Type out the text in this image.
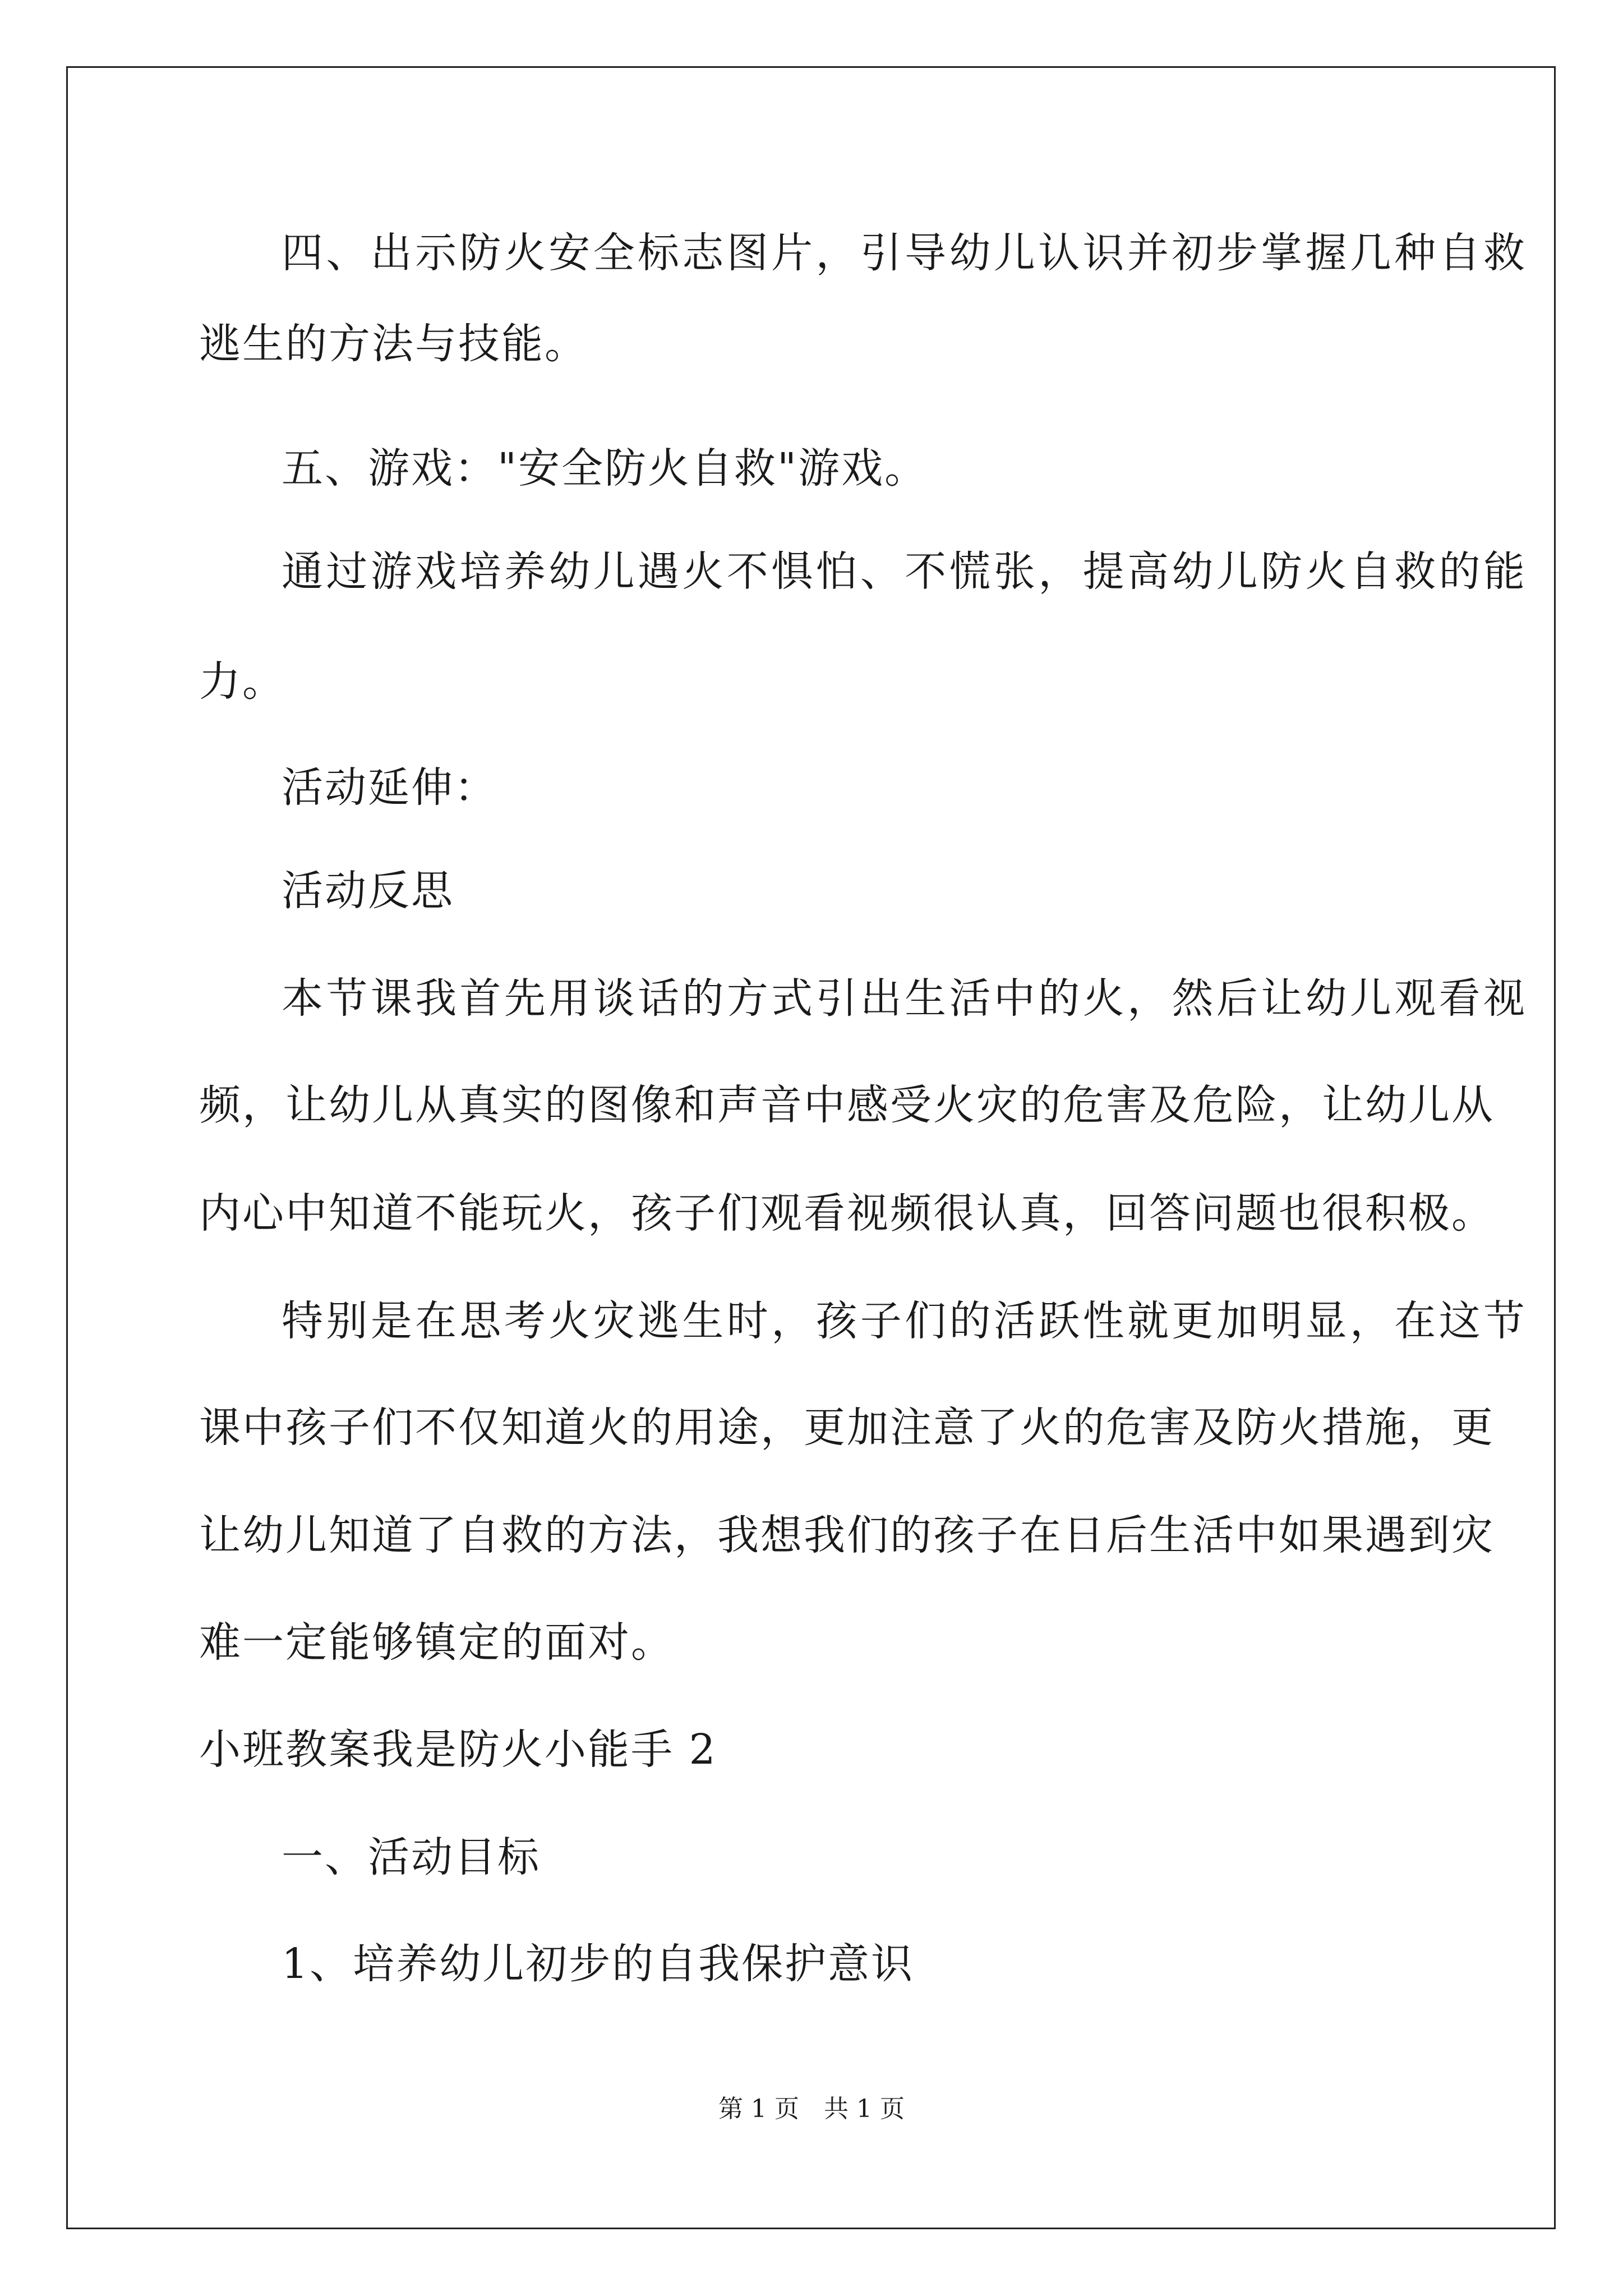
四、出示防火安全标志图片，引导幼儿认识并初步掌握几种自救
逃生的方法与技能。
五、游戏："安全防火自救"游戏。
通过游戏培养幼儿遇火不惧怕、不慌张，提高幼儿防火自救的能
力。
活动延伸：
活动反思
本节课我首先用谈话的方式引出生活中的火，然后让幼儿观看视
频，让幼儿从真实的图像和声音中感受火灾的危害及危险，让幼儿从
内心中知道不能玩火，孩子们观看视频很认真，回答问题也很积极。
特别是在思考火灾逃生时，孩子们的活跃性就更加明显，在这节
课中孩子们不仅知道火的用途，更加注意了火的危害及防火措施，更
让幼儿知道了自救的方法，我想我们的孩子在日后生活中如果遇到灾
难一定能够镇定的面对。
小班教案我是防火小能手 2
一、活动目标
1、培养幼儿初步的自我保护意识
第 1 页 共 1 页
